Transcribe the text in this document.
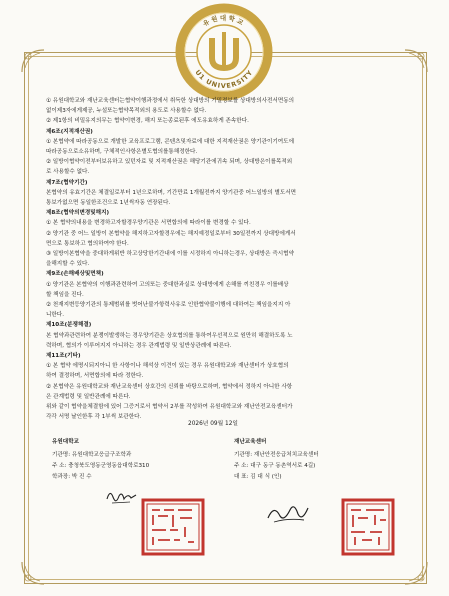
유원대학교
U1 UNIVERSITY
① 유원대학교와 재난교육센터는협약이행과정에서 취득한 상대방의 기밀정보를 상대방의사전서면동의
없이제3자에게제공, 누설또는협약목적외의 용도로 사용할수 없다.
② 제1항의 비밀유지의무는 협약이변경, 해지 또는종료된후 에도유효하게 존속한다.
제6조(지적재산권)
① 본협약에 따라공동으로 개발한 교육프로그램, 콘텐츠및자료에 대한 지적재산권은 양기관이기여도에
따라공동으로소유하며, 구체적인사항은별도협의를통해정한다.
② 일방이협약이전부터보유하고 있던자료 및 지적재산권은 해당기관에귀속 되며, 상대방은이를목적외
로 사용할수 없다.
제7조(협약기간)
본협약의 유효기간은 체결일로부터 1년으로하며, 기간만료 1개월전까지 양기관중 어느일방의 별도서면
통보가없으면 동일한조건으로 1년씩자동 연장된다.
제8조(협약의변경및해지)
① 본 협약의내용을 변경하고자할경우양기관은 서면합의에 따라이를 변경할 수 있다.
② 양기관 중 어느 일방이 본협약을 해지하고자할경우에는 해지예정일로부터 30일전까지 상대방에게서
면으로 통보하고 협의하여야 한다.
③ 일방이본협약을 중대하게위반 하고상당한기간내에 이를 시정하지 아니하는경우, 상대방은 즉시협약
을해지할 수 있다.
제9조(손해배상및면책)
① 양기관은 본협약의 이행과관련하여 고의또는 중대한과실로 상대방에게 손해를 끼친경우 이를배상
할 책임을 진다.
② 천재지변등양기관의 통제범위를 벗어난불가항력사유로 인한협약불이행에 대하여는 책임을지지 아
니한다.
제10조(분쟁해결)
본 협약과관련하여 분쟁이발생하는 경우양기관은 상호협의를 통하여우선적으로 원만히 해결하도록 노
력하며, 협의가 이루어지지 아니하는 경우 관계법령 및 일반상관례에 따른다.
제11조(기타)
① 본 협약 에명시되지아니 한 사항이나 해석상 이견이 있는 경우 유원대학교와 재난센터가 상호협의
하여 결정하며, 서면합의에 따라 정한다.
② 본협약은 유원대학교와 재난교육센터 상호간의 신뢰를 바탕으로하며, 협약에서 정하지 아니한 사항
은 관계법령 및 일반관례에 따른다.
위와 같이 협약을체결함에 있어 그증거로서 협약서 2부를 작성하여 유원대학교와 재난안전교육센터가
각각 서명 날인한후 각 1부씩 보관한다.
2026년 09월 12일
유원대학교
기관명: 유원대학교응급구조학과
주 소: 충청북도영동군영동읍대학로310
학과장: 박 진 수
재난교육센터
기관명: 재난안전응급처치교육센터
주 소: 대구 동구 동촌역서로 4길)
대 표: 김 대 식 (인)
